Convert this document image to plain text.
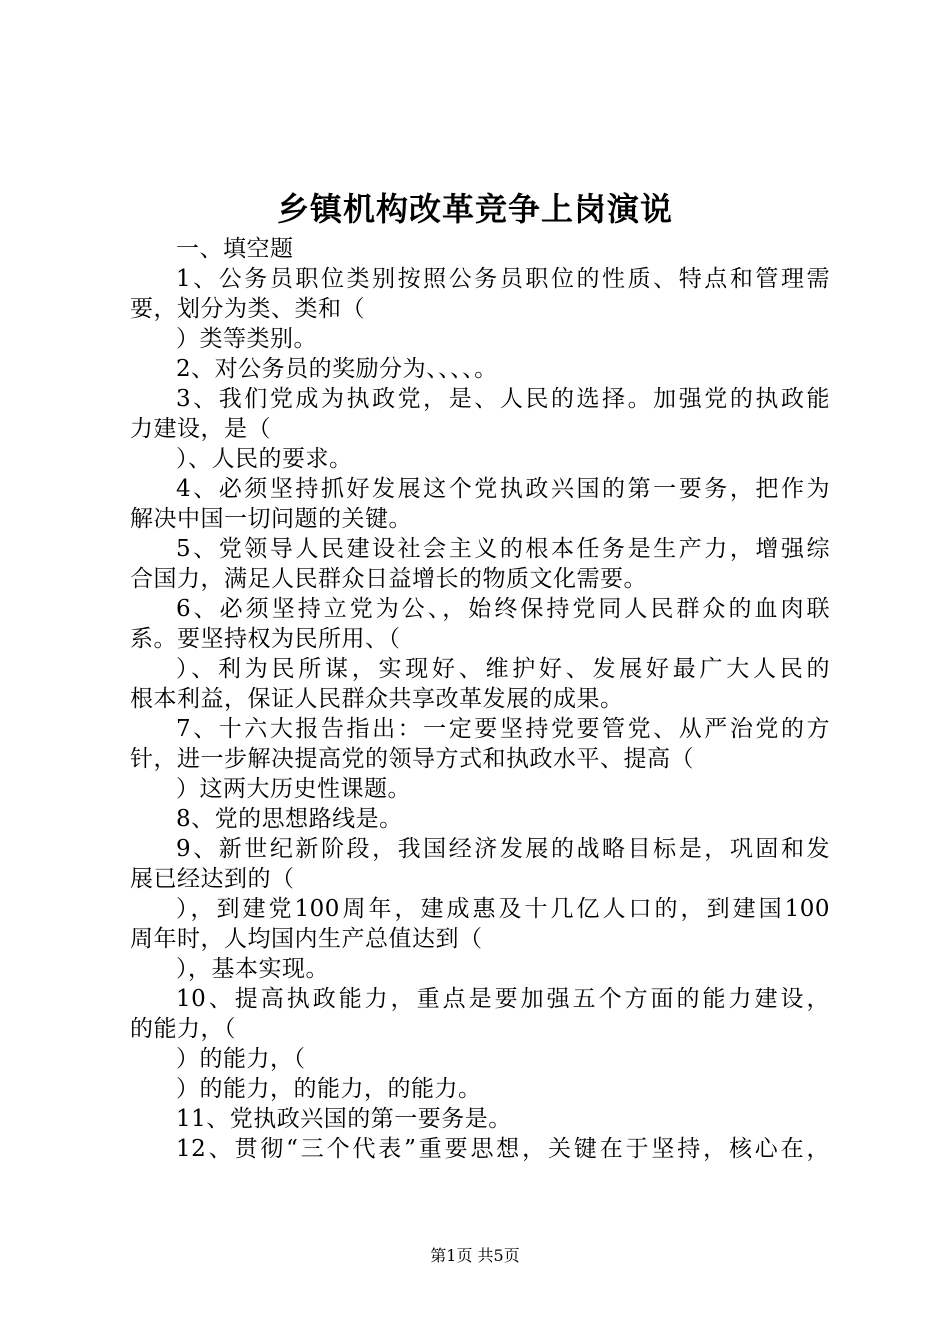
乡镇机构改革竞争上岗演说
一、填空题
1、公务员职位类别按照公务员职位的性质、特点和管理需
要，划分为类、类和（
）类等类别。
2、对公务员的奖励分为、、、、。
3、我们党成为执政党，是、人民的选择。加强党的执政能
力建设，是（
）、人民的要求。
4、必须坚持抓好发展这个党执政兴国的第一要务，把作为
解决中国一切问题的关键。
5、党领导人民建设社会主义的根本任务是生产力，增强综
合国力，满足人民群众日益增长的物质文化需要。
6、必须坚持立党为公、，始终保持党同人民群众的血肉联
系。要坚持权为民所用、（
）、利为民所谋，实现好、维护好、发展好最广大人民的
根本利益，保证人民群众共享改革发展的成果。
7、十六大报告指出：一定要坚持党要管党、从严治党的方
针，进一步解决提高党的领导方式和执政水平、提高（
）这两大历史性课题。
8、党的思想路线是。
9、新世纪新阶段，我国经济发展的战略目标是，巩固和发
展已经达到的（
），到建党100周年，建成惠及十几亿人口的，到建国100
周年时，人均国内生产总值达到（
），基本实现。
10、提高执政能力，重点是要加强五个方面的能力建设，
的能力，（
）的能力，（
）的能力，的能力，的能力。
11、党执政兴国的第一要务是。
12、贯彻“三个代表”重要思想，关键在于坚持，核心在，
第1页 共5页
